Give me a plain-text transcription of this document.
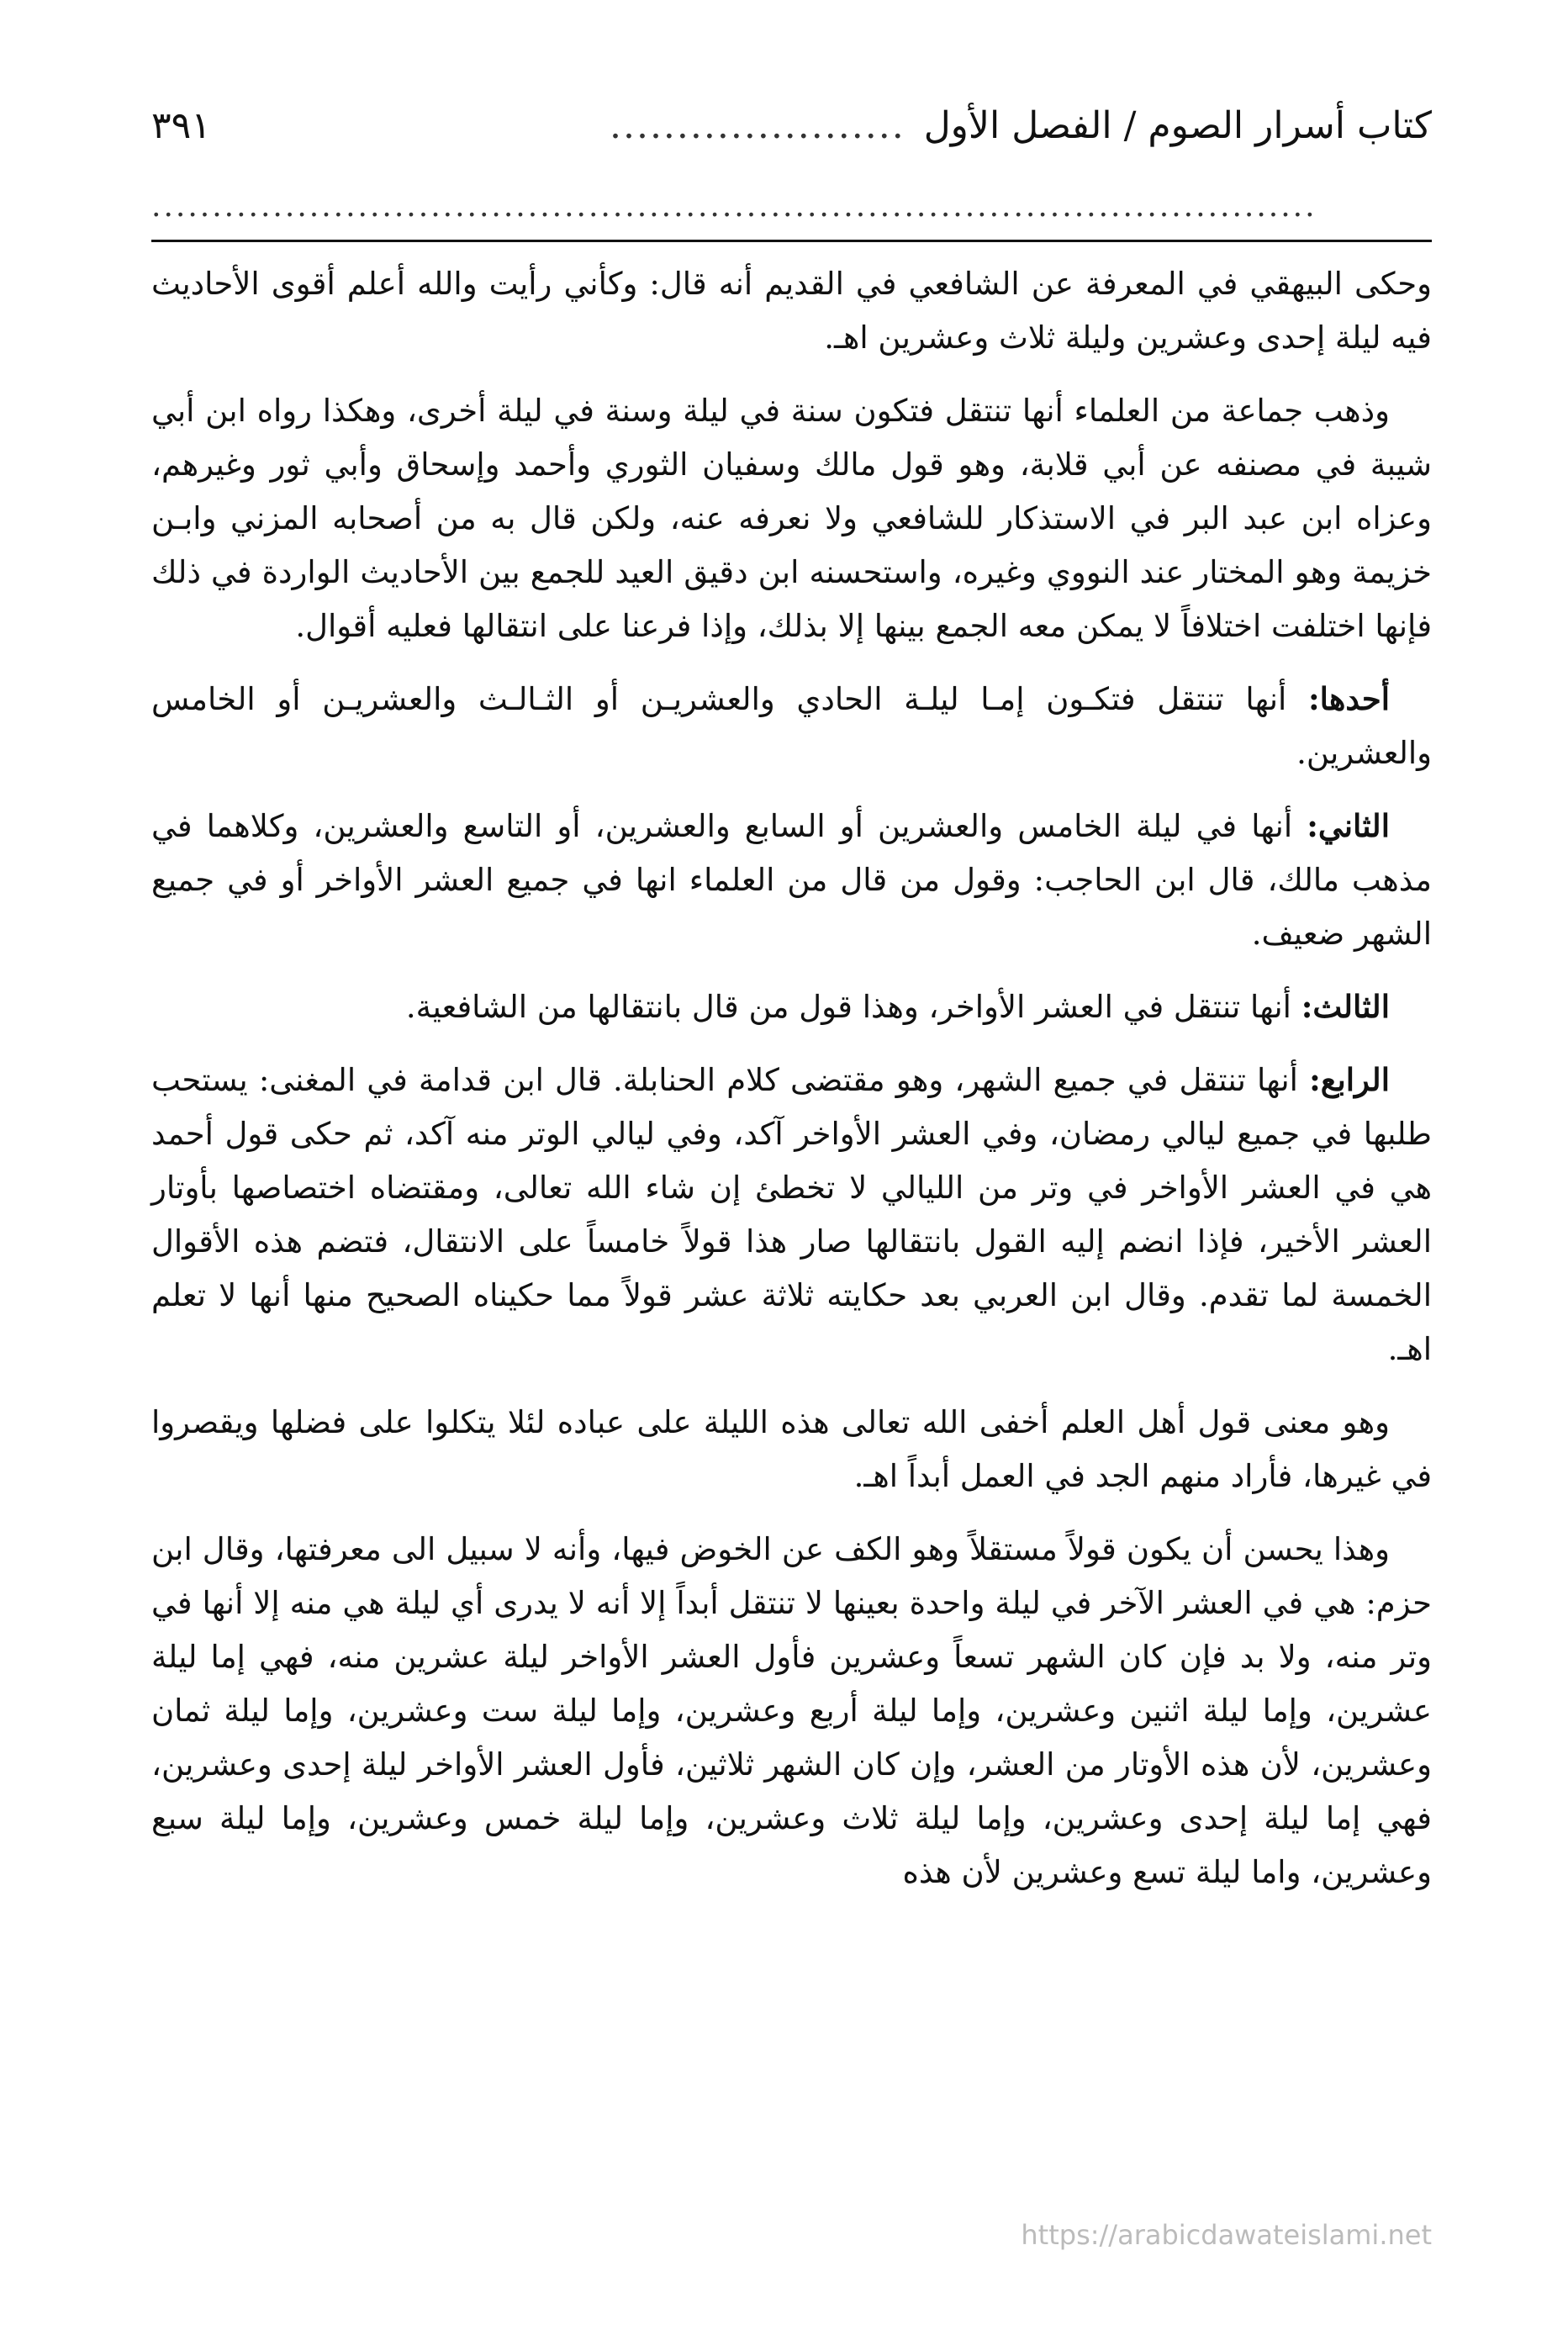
كتاب أسرار الصوم / الفصل الأول
......................
٣٩١
................................................................................................

وحكى البيهقي في المعرفة عن الشافعي في القديم أنه قال: وكأني رأيت والله أعلم أقوى الأحاديث فيه ليلة إحدى وعشرين وليلة ثلاث وعشرين اهـ.

وذهب جماعة من العلماء أنها تنتقل فتكون سنة في ليلة وسنة في ليلة أخرى، وهكذا رواه ابن أبي شيبة في مصنفه عن أبي قلابة، وهو قول مالك وسفيان الثوري وأحمد وإسحاق وأبي ثور وغيرهم، وعزاه ابن عبد البر في الاستذكار للشافعي ولا نعرفه عنه، ولكن قال به من أصحابه المزني وابـن خزيمة وهو المختار عند النووي وغيره، واستحسنه ابن دقيق العيد للجمع بين الأحاديث الواردة في ذلك فإنها اختلفت اختلافاً لا يمكن معه الجمع بينها إلا بذلك، وإذا فرعنا على انتقالها فعليه أقوال.

أحدها: أنها تنتقل فتكـون إمـا ليلـة الحادي والعشريـن أو الثـالـث والعشريـن أو الخامس والعشرين.

الثاني: أنها في ليلة الخامس والعشرين أو السابع والعشرين، أو التاسع والعشرين، وكلاهما في مذهب مالك، قال ابن الحاجب: وقول من قال من العلماء انها في جميع العشر الأواخر أو في جميع الشهر ضعيف.

الثالث: أنها تنتقل في العشر الأواخر، وهذا قول من قال بانتقالها من الشافعية.

الرابع: أنها تنتقل في جميع الشهر، وهو مقتضى كلام الحنابلة. قال ابن قدامة في المغنى: يستحب طلبها في جميع ليالي رمضان، وفي العشر الأواخر آكد، وفي ليالي الوتر منه آكد، ثم حكى قول أحمد هي في العشر الأواخر في وتر من الليالي لا تخطئ إن شاء الله تعالى، ومقتضاه اختصاصها بأوتار العشر الأخير، فإذا انضم إليه القول بانتقالها صار هذا قولاً خامساً على الانتقال، فتضم هذه الأقوال الخمسة لما تقدم. وقال ابن العربي بعد حكايته ثلاثة عشر قولاً مما حكيناه الصحيح منها أنها لا تعلم اهـ.

وهو معنى قول أهل العلم أخفى الله تعالى هذه الليلة على عباده لئلا يتكلوا على فضلها ويقصروا في غيرها، فأراد منهم الجد في العمل أبداً اهـ.

وهذا يحسن أن يكون قولاً مستقلاً وهو الكف عن الخوض فيها، وأنه لا سبيل الى معرفتها، وقال ابن حزم: هي في العشر الآخر في ليلة واحدة بعينها لا تنتقل أبداً إلا أنه لا يدرى أي ليلة هي منه إلا أنها في وتر منه، ولا بد فإن كان الشهر تسعاً وعشرين فأول العشر الأواخر ليلة عشرين منه، فهي إما ليلة عشرين، وإما ليلة اثنين وعشرين، وإما ليلة أربع وعشرين، وإما ليلة ست وعشرين، وإما ليلة ثمان وعشرين، لأن هذه الأوتار من العشر، وإن كان الشهر ثلاثين، فأول العشر الأواخر ليلة إحدى وعشرين، فهي إما ليلة إحدى وعشرين، وإما ليلة ثلاث وعشرين، وإما ليلة خمس وعشرين، وإما ليلة سبع وعشرين، واما ليلة تسع وعشرين لأن هذه

https://arabicdawateislami.net
